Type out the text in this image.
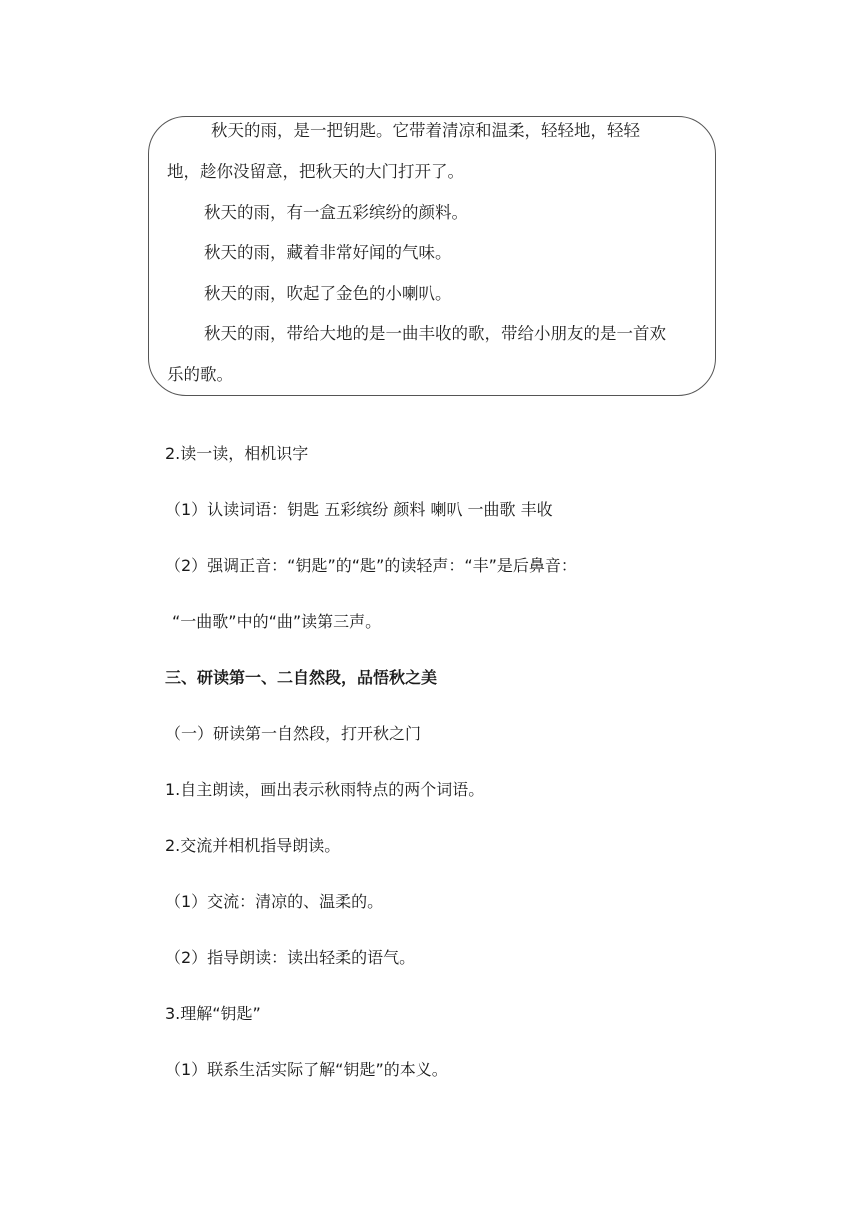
秋天的雨，是一把钥匙。它带着清凉和温柔，轻轻地，轻轻
地，趁你没留意，把秋天的大门打开了。
秋天的雨，有一盒五彩缤纷的颜料。
秋天的雨，藏着非常好闻的气味。
秋天的雨，吹起了金色的小喇叭。
秋天的雨，带给大地的是一曲丰收的歌，带给小朋友的是一首欢
乐的歌。
2.读一读，相机识字
（1）认读词语：钥匙 五彩缤纷 颜料 喇叭 一曲歌 丰收
（2）强调正音：“钥匙”的“匙”的读轻声：“丰”是后鼻音：
“一曲歌”中的“曲”读第三声。
三、研读第一、二自然段，品悟秋之美
（一）研读第一自然段，打开秋之门
1.自主朗读，画出表示秋雨特点的两个词语。
2.交流并相机指导朗读。
（1）交流：清凉的、温柔的。
（2）指导朗读：读出轻柔的语气。
3.理解“钥匙”
（1）联系生活实际了解“钥匙”的本义。
